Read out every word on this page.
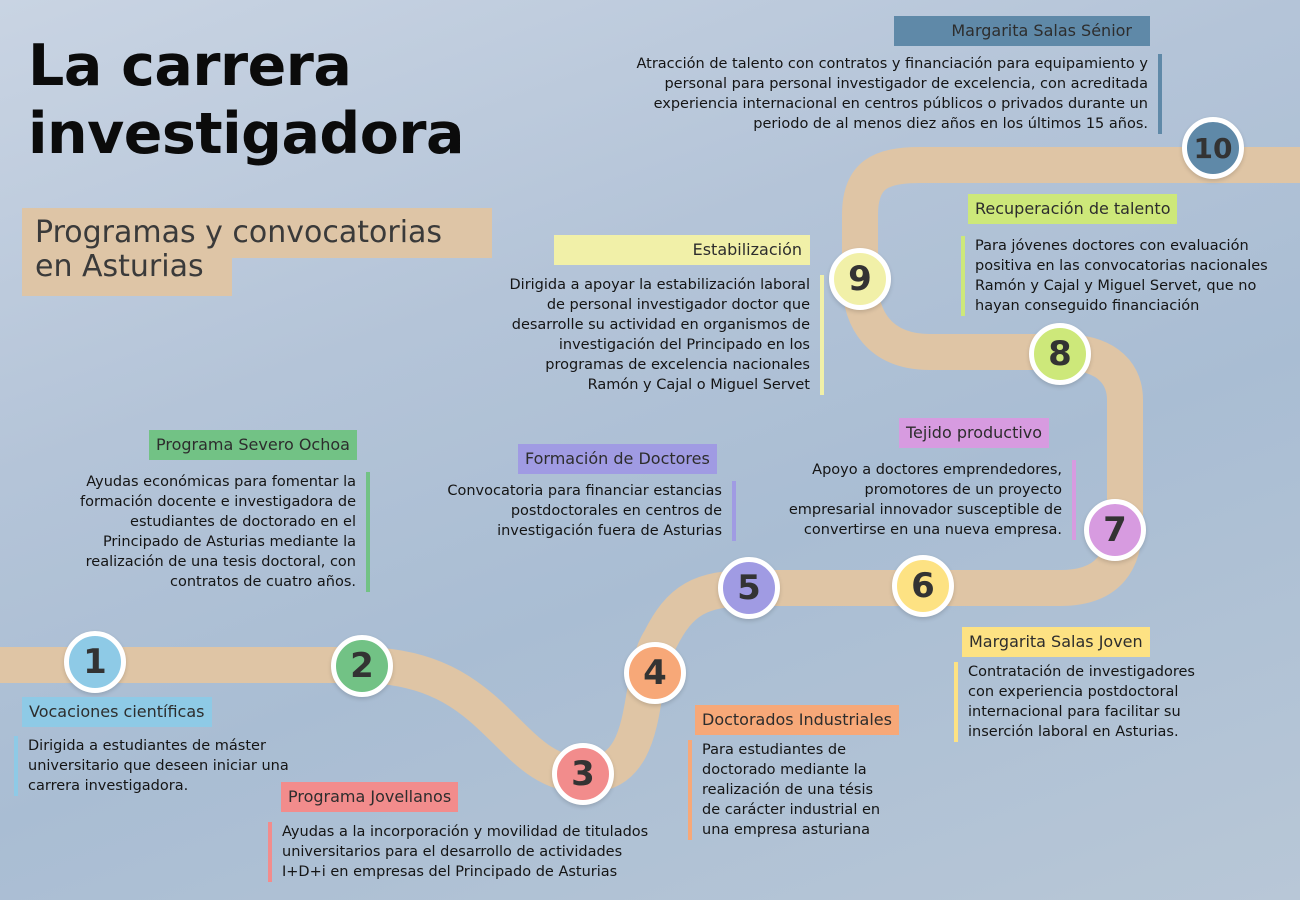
La carrera
investigadora
Programas y convocatorias
en Asturias
1
Vocaciones científicas
Dirigida a estudiantes de máster universitario que deseen iniciar una carrera investigadora.
2
Programa Severo Ochoa
Ayudas económicas para fomentar la formación docente e investigadora de estudiantes de doctorado en el Principado de Asturias mediante la realización de una tesis doctoral, con contratos de cuatro años.
3
Programa Jovellanos
Ayudas a la incorporación y movilidad de titulados universitarios para el desarrollo de actividades I+D+i en empresas del Principado de Asturias
4
Doctorados Industriales
Para estudiantes de doctorado mediante la realización de una tésis de carácter industrial en una empresa asturiana
5
Formación de Doctores
Convocatoria para financiar estancias postdoctorales en centros de investigación fuera de Asturias
6
Margarita Salas Joven
Contratación de investigadores con experiencia postdoctoral internacional para facilitar su inserción laboral en Asturias.
7
Tejido productivo
Apoyo a doctores emprendedores, promotores de un proyecto empresarial innovador susceptible de convertirse en una nueva empresa.
8
Recuperación de talento
Para jóvenes doctores con evaluación positiva en las convocatorias nacionales Ramón y Cajal y Miguel Servet, que no hayan conseguido financiación
9
Estabilización
Dirigida a apoyar la estabilización laboral de personal investigador doctor que desarrolle su actividad en organismos de investigación del Principado en los programas de excelencia nacionales Ramón y Cajal o Miguel Servet
10
Margarita Salas Sénior
Atracción de talento con contratos y financiación para equipamiento y personal para personal investigador de excelencia, con acreditada experiencia internacional en centros públicos o privados durante un periodo de al menos diez años en los últimos 15 años.
